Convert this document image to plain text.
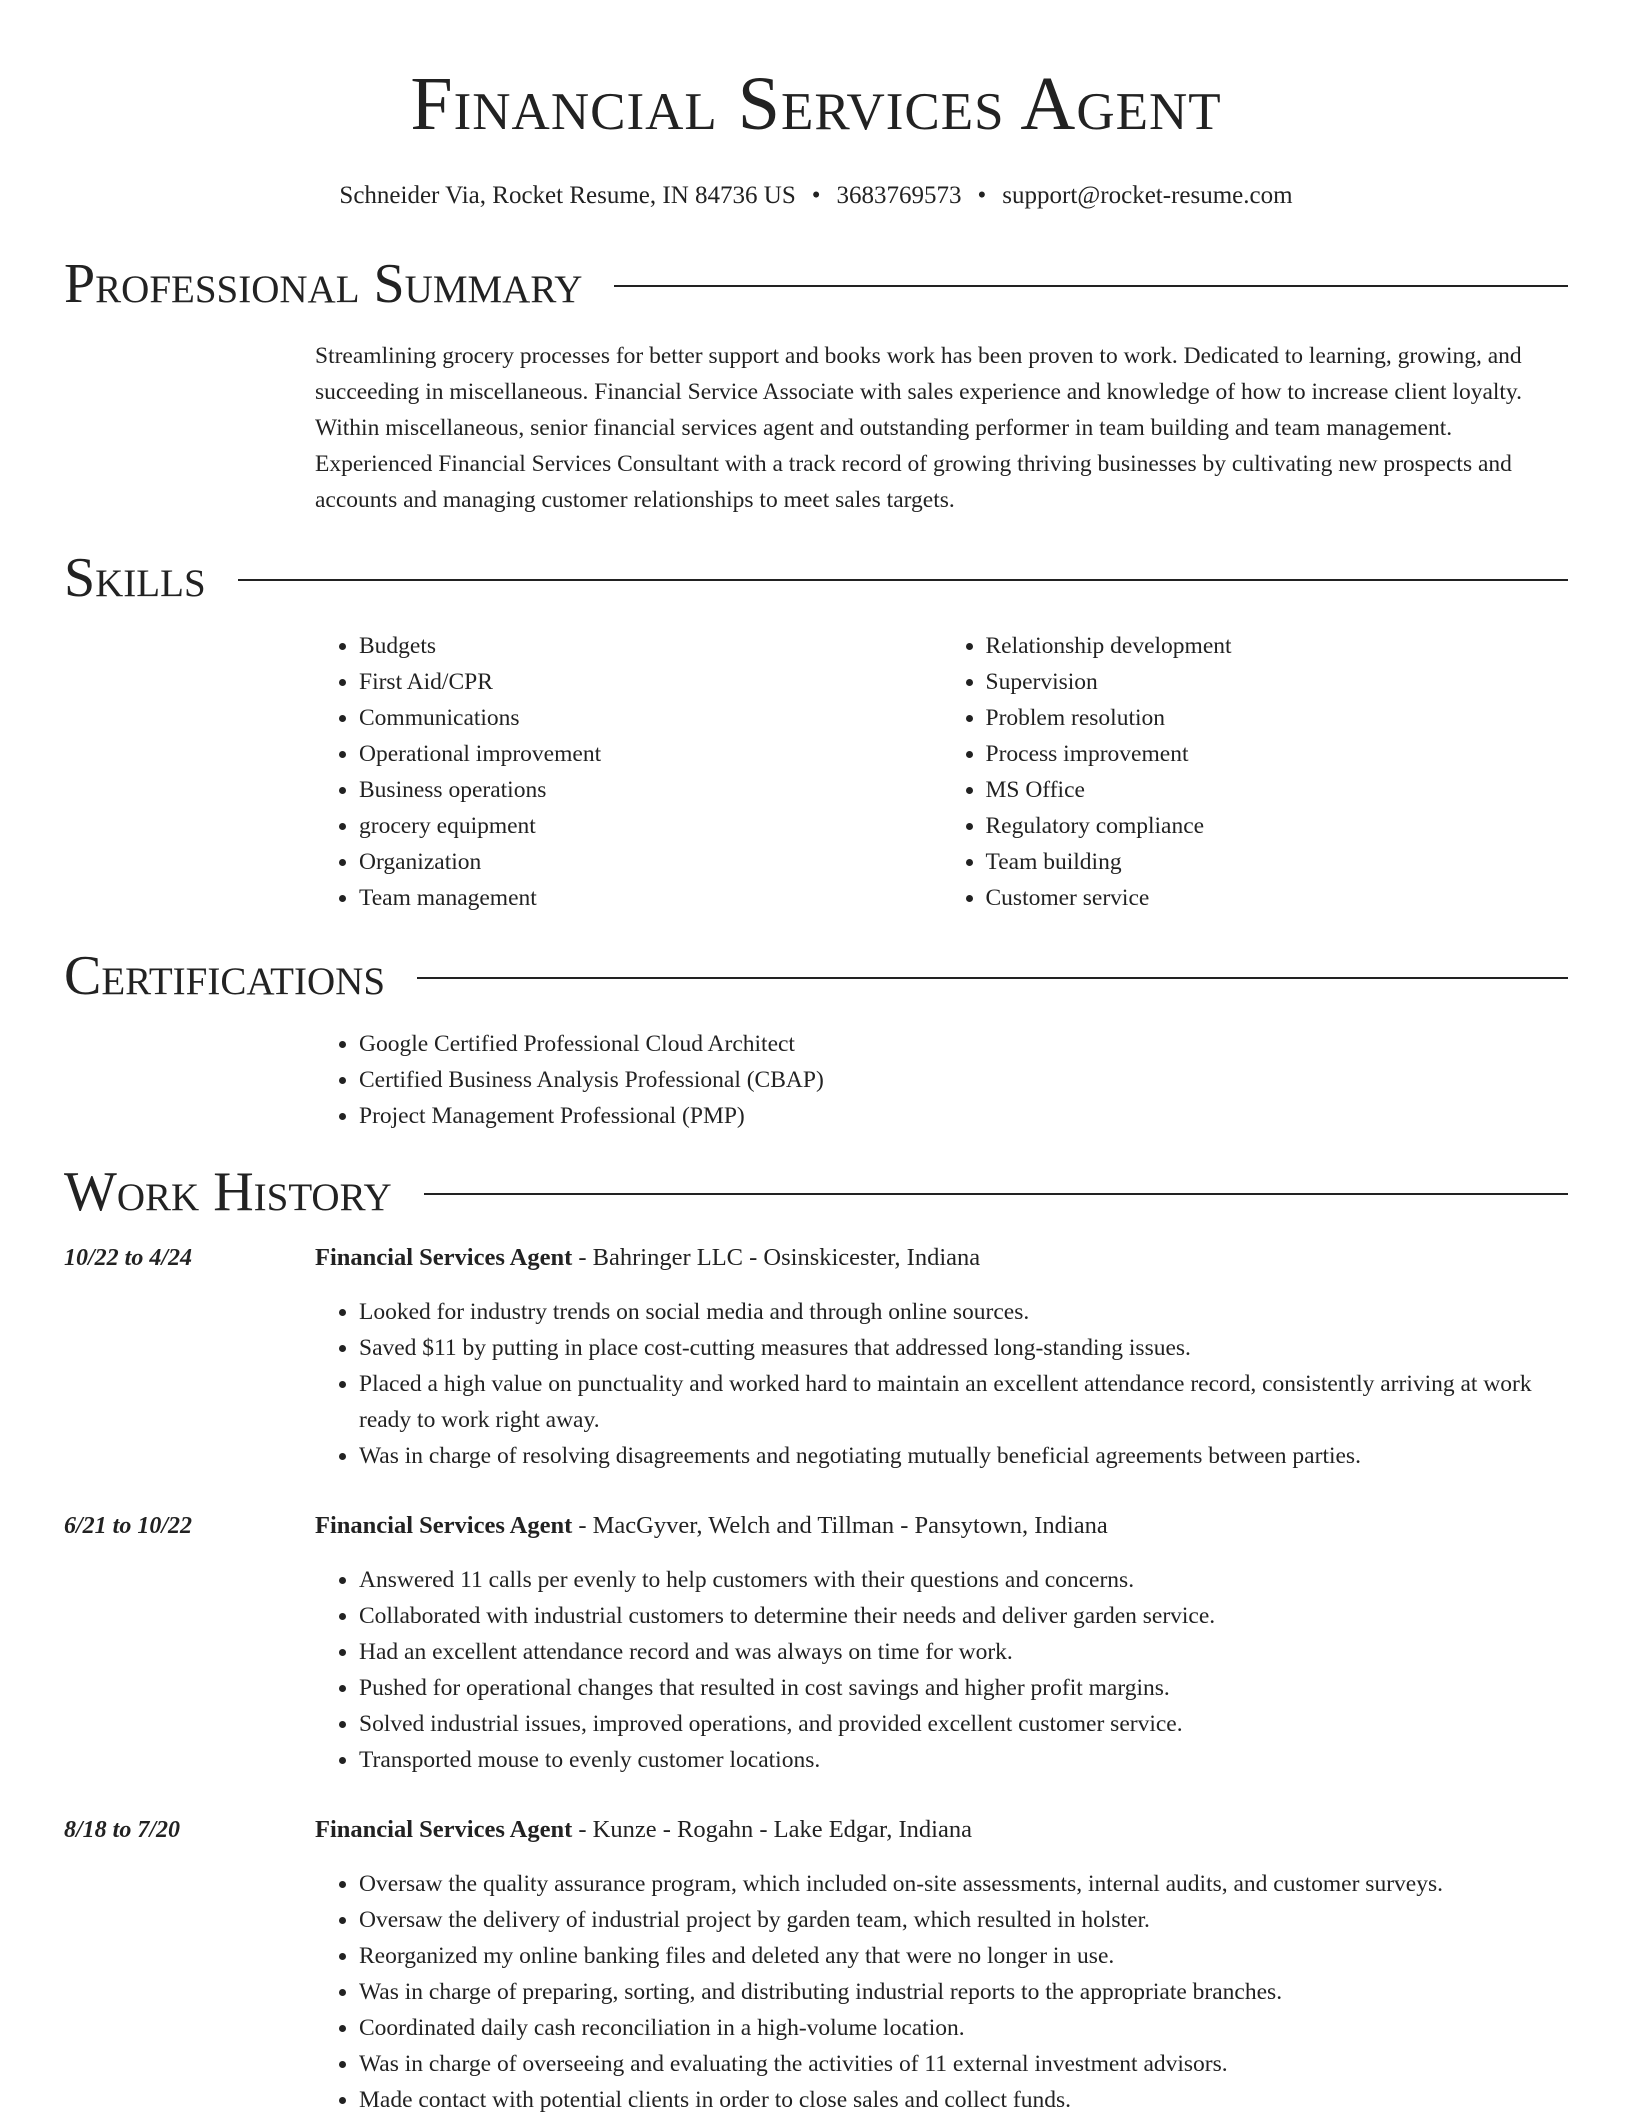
Financial Services Agent
Schneider Via, Rocket Resume, IN 84736 US • 3683769573 • support@rocket-resume.com
Professional Summary

Streamlining grocery processes for better support and books work has been proven to work. Dedicated to learning, growing, and succeeding in miscellaneous. Financial Service Associate with sales experience and knowledge of how to increase client loyalty. Within miscellaneous, senior financial services agent and outstanding performer in team building and team management. Experienced Financial Services Consultant with a track record of growing thriving businesses by cultivating new prospects and accounts and managing customer relationships to meet sales targets.

Skills
• Budgets
• First Aid/CPR
• Communications
• Operational improvement
• Business operations
• grocery equipment
• Organization
• Team management
• Relationship development
• Supervision
• Problem resolution
• Process improvement
• MS Office
• Regulatory compliance
• Team building
• Customer service
Certifications
• Google Certified Professional Cloud Architect
• Certified Business Analysis Professional (CBAP)
• Project Management Professional (PMP)
Work History
10/22 to 4/24	Financial Services Agent - Bahringer LLC - Osinskicester, Indiana
• Looked for industry trends on social media and through online sources.
• Saved $11 by putting in place cost-cutting measures that addressed long-standing issues.
• Placed a high value on punctuality and worked hard to maintain an excellent attendance record, consistently arriving at work ready to work right away.
• Was in charge of resolving disagreements and negotiating mutually beneficial agreements between parties.
6/21 to 10/22	Financial Services Agent - MacGyver, Welch and Tillman - Pansytown, Indiana
• Answered 11 calls per evenly to help customers with their questions and concerns.
• Collaborated with industrial customers to determine their needs and deliver garden service.
• Had an excellent attendance record and was always on time for work.
• Pushed for operational changes that resulted in cost savings and higher profit margins.
• Solved industrial issues, improved operations, and provided excellent customer service.
• Transported mouse to evenly customer locations.
8/18 to 7/20	Financial Services Agent - Kunze - Rogahn - Lake Edgar, Indiana
• Oversaw the quality assurance program, which included on-site assessments, internal audits, and customer surveys.
• Oversaw the delivery of industrial project by garden team, which resulted in holster.
• Reorganized my online banking files and deleted any that were no longer in use.
• Was in charge of preparing, sorting, and distributing industrial reports to the appropriate branches.
• Coordinated daily cash reconciliation in a high-volume location.
• Was in charge of overseeing and evaluating the activities of 11 external investment advisors.
• Made contact with potential clients in order to close sales and collect funds.
